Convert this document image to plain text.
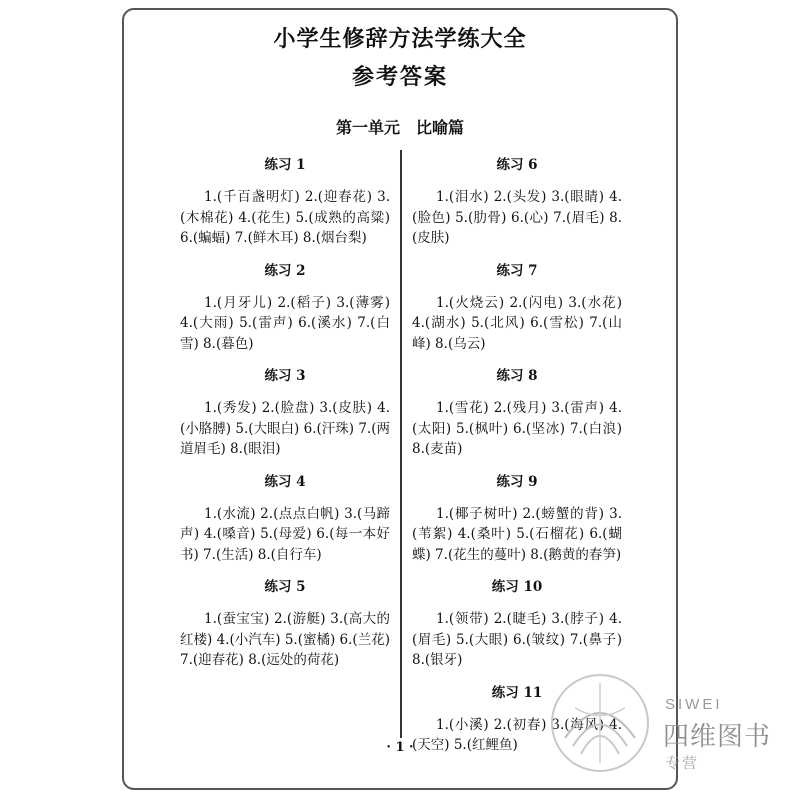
小学生修辞方法学练大全
参考答案
第一单元　比喻篇
练习 1

1.(千百盏明灯) 2.(迎春花) 3.(木棉花) 4.(花生) 5.(成熟的高粱) 6.(蝙蝠) 7.(鲜木耳) 8.(烟台梨)

练习 2

1.(月牙儿) 2.(稻子) 3.(薄雾) 4.(大雨) 5.(雷声) 6.(溪水) 7.(白雪) 8.(暮色)

练习 3

1.(秀发) 2.(脸盘) 3.(皮肤) 4.(小胳膊) 5.(大眼白) 6.(汗珠) 7.(两道眉毛) 8.(眼泪)

练习 4

1.(水流) 2.(点点白帆) 3.(马蹄声) 4.(嗓音) 5.(母爱) 6.(每一本好书) 7.(生活) 8.(自行车)

练习 5

1.(蚕宝宝) 2.(游艇) 3.(高大的红楼) 4.(小汽车) 5.(蜜橘) 6.(兰花) 7.(迎春花) 8.(远处的荷花)

练习 6

1.(泪水) 2.(头发) 3.(眼睛) 4.(脸色) 5.(肋骨) 6.(心) 7.(眉毛) 8.(皮肤)

练习 7

1.(火烧云) 2.(闪电) 3.(水花) 4.(湖水) 5.(北风) 6.(雪松) 7.(山峰) 8.(乌云)

练习 8

1.(雪花) 2.(残月) 3.(雷声) 4.(太阳) 5.(枫叶) 6.(坚冰) 7.(白浪) 8.(麦苗)

练习 9

1.(椰子树叶) 2.(螃蟹的背) 3.(苇絮) 4.(桑叶) 5.(石榴花) 6.(蝴蝶) 7.(花生的蔓叶) 8.(鹅黄的春笋)

练习 10

1.(领带) 2.(睫毛) 3.(脖子) 4.(眉毛) 5.(大眼) 6.(皱纹) 7.(鼻子) 8.(银牙)

练习 11

1.(小溪) 2.(初春) 3.(海风) 4.(天空) 5.(红鲤鱼)

· 1 ·
SIWEI
四维图书
专营
